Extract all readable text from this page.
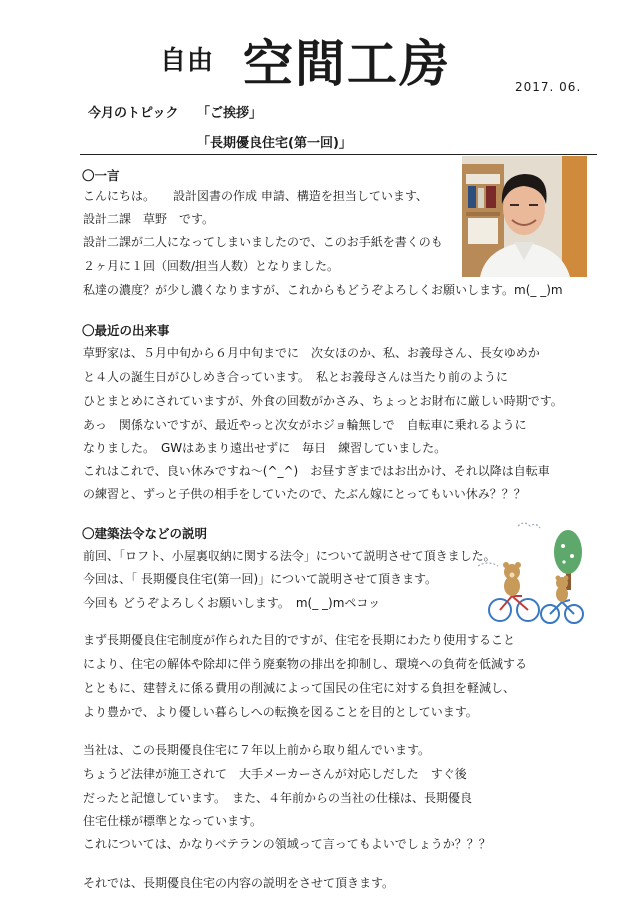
自由 空間工房	2017. 06.
今月のトピック 「ご挨拶」
「長期優良住宅(第一回)」
〇一言
こんにちは。　　設計図書の作成 申請、構造を担当しています、
設計二課　草野　です。
設計二課が二人になってしまいましたので、このお手紙を書くのも
２ヶ月に１回（回数/担当人数）となりました。
私達の濃度？が少し濃くなりますが、これからもどうぞよろしくお願いします。m(_ _)m
〇最近の出来事
草野家は、５月中旬から６月中旬までに　次女ほのか、私、お義母さん、長女ゆめか
と４人の誕生日がひしめき合っています。　私とお義母さんは当たり前のように
ひとまとめにされていますが、外食の回数がかさみ、ちょっとお財布に厳しい時期です。
あっ　関係ないですが、最近やっと次女がホジョ輪無しで　自転車に乗れるように
なりました。　GWはあまり遠出せずに　毎日　練習していました。
これはこれで、良い休みですね～(^_^)　お昼すぎまではお出かけ、それ以降は自転車
の練習と、ずっと子供の相手をしていたので、たぶん嫁にとってもいい休み？？？
〇建築法令などの説明
前回、「ロフト、小屋裏収納に関する法令」について説明させて頂きました。
今回は、「 長期優良住宅(第一回)」について説明させて頂きます。
今回も どうぞよろしくお願いします。　m(_ _)mペコッ
まず長期優良住宅制度が作られた目的ですが、住宅を長期にわたり使用すること
により、住宅の解体や除却に伴う廃棄物の排出を抑制し、環境への負荷を低減する
とともに、建替えに係る費用の削減によって国民の住宅に対する負担を軽減し、
より豊かで、より優しい暮らしへの転換を図ることを目的としています。
当社は、この長期優良住宅に７年以上前から取り組んでいます。
ちょうど法律が施工されて　大手メーカーさんが対応しだした　すぐ後
だったと記憶しています。　また、４年前からの当社の仕様は、長期優良
住宅仕様が標準となっています。
これについては、かなりベテランの領域って言ってもよいでしょうか？？？
それでは、長期優良住宅の内容の説明をさせて頂きます。
